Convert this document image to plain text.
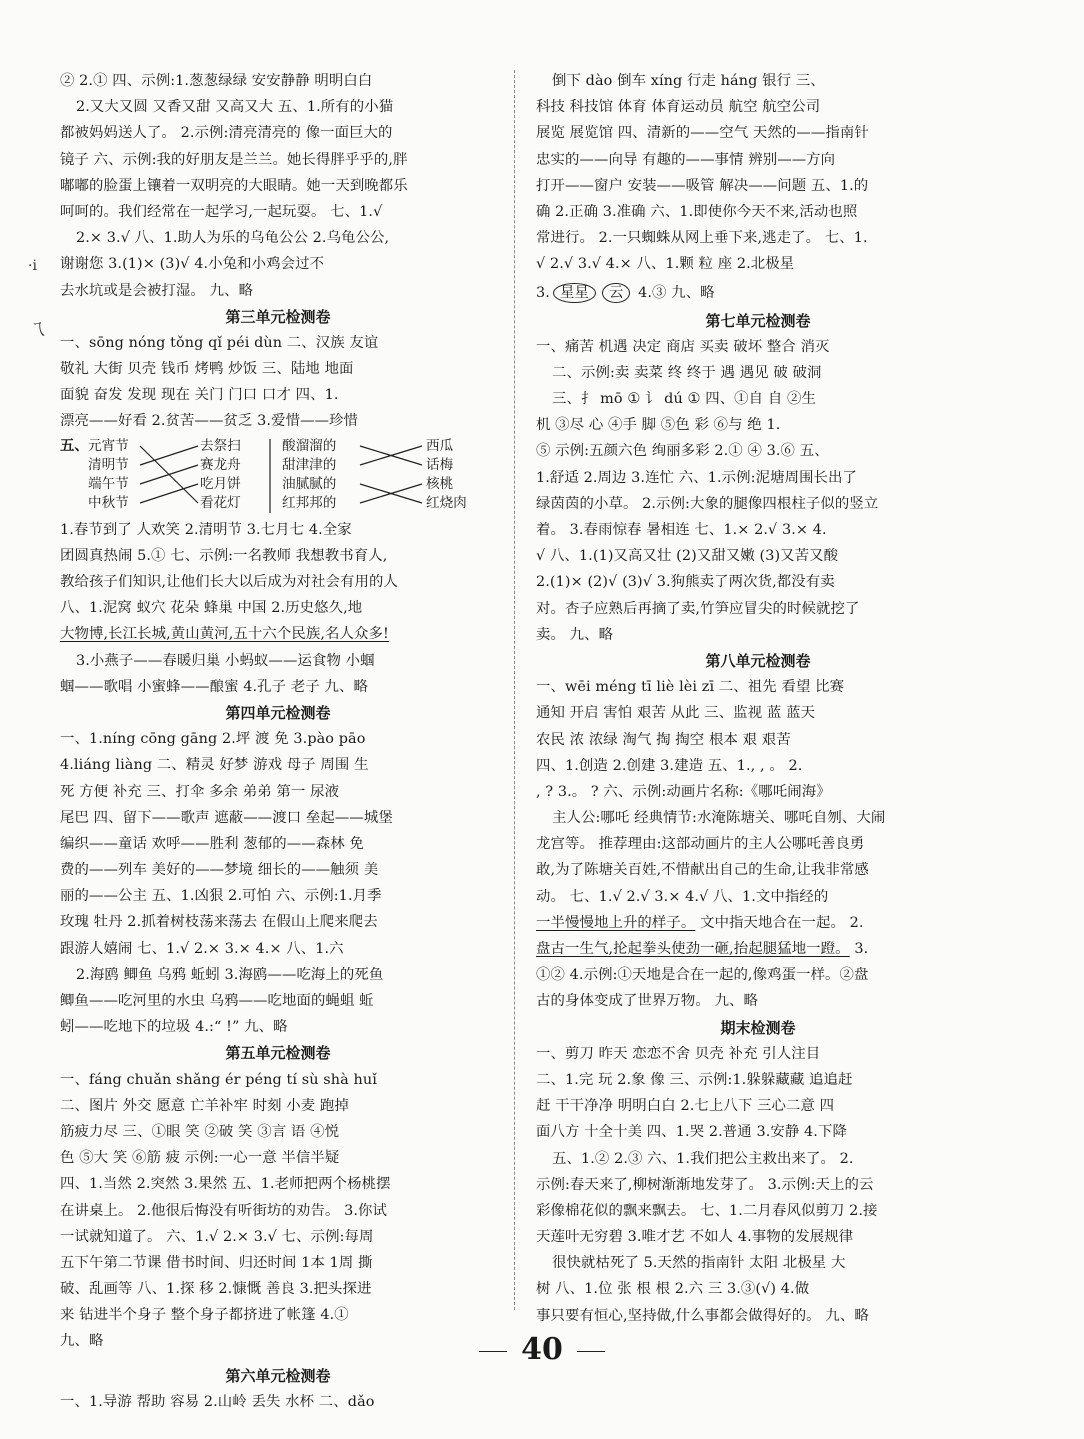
·i
ㄟ
② 2.① 四、示例:1.葱葱绿绿 安安静静 明明白白
2.又大又圆 又香又甜 又高又大 五、1.所有的小猫
都被妈妈送人了。 2.示例:清亮清亮的 像一面巨大的
镜子 六、示例:我的好朋友是兰兰。她长得胖乎乎的,胖
嘟嘟的脸蛋上镶着一双明亮的大眼睛。她一天到晚都乐
呵呵的。我们经常在一起学习,一起玩耍。 七、1.√
2.× 3.√ 八、1.助人为乐的乌龟公公 2.乌龟公公,
谢谢您 3.(1)× (3)√ 4.小兔和小鸡会过不
去水坑或是会被打湿。 九、略
第三单元检测卷
一、sōng nóng tǒng qǐ péi dùn 二、汉族 友谊
敬礼 大街 贝壳 钱币 烤鸭 炒饭 三、陆地 地面
面貌 奋发 发现 现在 关门 门口 口才 四、1.
漂亮——好看 2.贫苦——贫乏 3.爱惜——珍惜
五、 元宵节
清明节
端午节
中秋节
去祭扫
赛龙舟
吃月饼
看花灯
酸溜溜的
甜津津的
油腻腻的
红邦邦的
西瓜
话梅
核桃
红烧肉
1.春节到了 人欢笑 2.清明节 3.七月七 4.全家
团圆真热闹 5.① 七、示例:一名教师 我想教书育人,
教给孩子们知识,让他们长大以后成为对社会有用的人
八、1.泥窝 蚁穴 花朵 蜂巢 中国 2.历史悠久,地
大物博,长江长城,黄山黄河,五十六个民族,名人众多!
3.小燕子——春暖归巢 小蚂蚁——运食物 小蝈
蝈——歌唱 小蜜蜂——酿蜜 4.孔子 老子 九、略
第四单元检测卷
一、1.níng cōng gāng 2.坪 渡 免 3.pào pāo
4.liáng liàng 二、精灵 好梦 游戏 母子 周围 生
死 方便 补充 三、打伞 多余 弟弟 第一 尿液
尾巴 四、留下——歌声 遮蔽——渡口 垒起——城堡
编织——童话 欢呼——胜利 葱郁的——森林 免
费的——列车 美好的——梦境 细长的——触须 美
丽的——公主 五、1.凶狠 2.可怕 六、示例:1.月季
玫瑰 牡丹 2.抓着树枝荡来荡去 在假山上爬来爬去
跟游人嬉闹 七、1.√ 2.× 3.× 4.× 八、1.六
2.海鸥 鲫鱼 乌鸦 蚯蚓 3.海鸥——吃海上的死鱼
鲫鱼——吃河里的水虫 乌鸦——吃地面的蝇蛆 蚯
蚓——吃地下的垃圾 4.:“ !” 九、略
第五单元检测卷
一、fáng chuǎn shǎng ér péng tí sù shà huǐ
二、图片 外交 愿意 亡羊补牢 时刻 小麦 跑掉
筋疲力尽 三、①眼 笑 ②破 笑 ③言 语 ④悦
色 ⑤大 笑 ⑥筋 疲 示例:一心一意 半信半疑
四、1.当然 2.突然 3.果然 五、1.老师把两个杨桃摆
在讲桌上。 2.他很后悔没有听街坊的劝告。 3.你试
一试就知道了。 六、1.√ 2.× 3.√ 七、示例:每周
五下午第二节课 借书时间、归还时间 1本 1周 撕
破、乱画等 八、1.探 移 2.慷慨 善良 3.把头探进
来 钻进半个身子 整个身子都挤进了帐篷 4.①
九、略
第六单元检测卷
一、1.导游 帮助 容易 2.山岭 丢失 水杯 二、dǎo
倒下 dào 倒车 xíng 行走 háng 银行 三、
科技 科技馆 体育 体育运动员 航空 航空公司
展览 展览馆 四、清新的——空气 天然的——指南针
忠实的——向导 有趣的——事情 辨别——方向
打开——窗户 安装——吸管 解决——问题 五、1.的
确 2.正确 3.准确 六、1.即使你今天不来,活动也照
常进行。 2.一只蜘蛛从网上垂下来,逃走了。 七、1.
√ 2.√ 3.√ 4.× 八、1.颗 粒 座 2.北极星
3. 星星 云 4.③ 九、略
第七单元检测卷
一、痛苦 机遇 决定 商店 买卖 破坏 整合 消灭
二、示例:卖 卖菜 终 终于 遇 遇见 破 破洞
三、扌 mō ① 讠 dú ① 四、①自 自 ②生
机 ③尽 心 ④手 脚 ⑤色 彩 ⑥与 绝 1.
⑤ 示例:五颜六色 绚丽多彩 2.① ④ 3.⑥ 五、
1.舒适 2.周边 3.连忙 六、1.示例:泥塘周围长出了
绿茵茵的小草。 2.示例:大象的腿像四根柱子似的竖立
着。 3.春雨惊春 暑相连 七、1.× 2.√ 3.× 4.
√ 八、1.(1)又高又壮 (2)又甜又嫩 (3)又苦又酸
2.(1)× (2)√ (3)√ 3.狗熊卖了两次货,都没有卖
对。杏子应熟后再摘了卖,竹笋应冒尖的时候就挖了
卖。 九、略
第八单元检测卷
一、wēi méng tī liè lèi zī 二、祖先 看望 比赛
通知 开启 害怕 艰苦 从此 三、监视 蓝 蓝天
农民 浓 浓绿 淘气 掏 掏空 根本 艰 艰苦
四、1.创造 2.创建 3.建造 五、1., , 。 2.
, ? 3.。 ? 六、示例:动画片名称:《哪吒闹海》
主人公:哪吒 经典情节:水淹陈塘关、哪吒自刎、大闹
龙宫等。 推荐理由:这部动画片的主人公哪吒善良勇
敢,为了陈塘关百姓,不惜献出自己的生命,让我非常感
动。 七、1.√ 2.√ 3.× 4.√ 八、1.文中指经的
一半慢慢地上升的样子。 文中指天地合在一起。 2.
盘古一生气,抡起拳头使劲一砸,抬起腿猛地一蹬。 3.
①② 4.示例:①天地是合在一起的,像鸡蛋一样。②盘
古的身体变成了世界万物。 九、略
期末检测卷
一、剪刀 昨天 恋恋不舍 贝壳 补充 引人注目
二、1.完 玩 2.象 像 三、示例:1.躲躲藏藏 追追赶
赶 干干净净 明明白白 2.七上八下 三心二意 四
面八方 十全十美 四、1.哭 2.普通 3.安静 4.下降
五、1.② 2.③ 六、1.我们把公主救出来了。 2.
示例:春天来了,柳树渐渐地发芽了。 3.示例:天上的云
彩像棉花似的飘来飘去。 七、1.二月春风似剪刀 2.接
天莲叶无穷碧 3.唯才艺 不如人 4.事物的发展规律
很快就枯死了 5.天然的指南针 太阳 北极星 大
树 八、1.位 张 根 根 2.六 三 3.③(√) 4.做
事只要有恒心,坚持做,什么事都会做得好的。 九、略
40
